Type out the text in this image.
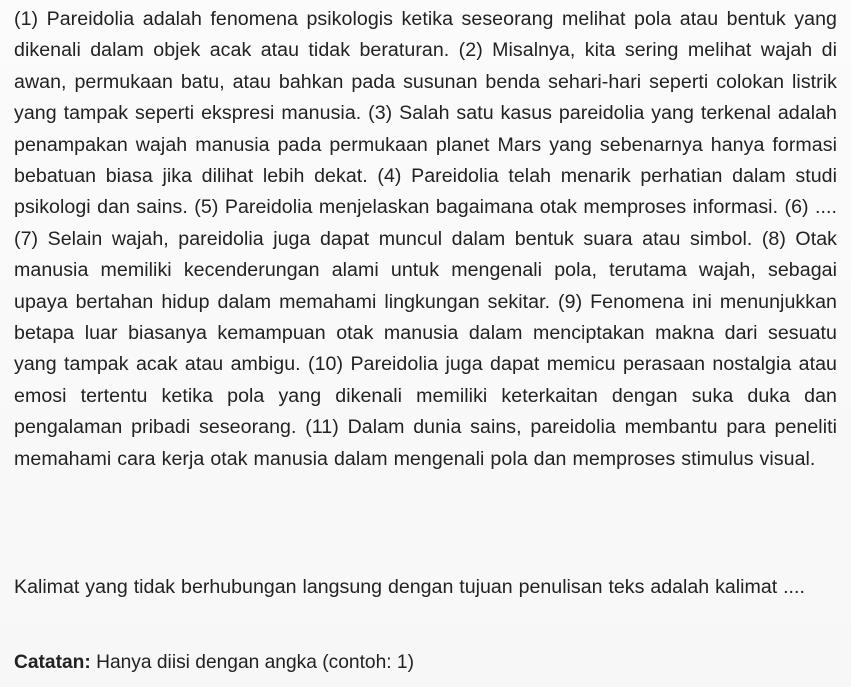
(1) Pareidolia adalah fenomena psikologis ketika seseorang melihat pola atau bentuk yang dikenali dalam objek acak atau tidak beraturan. (2) Misalnya, kita sering melihat wajah di awan, permukaan batu, atau bahkan pada susunan benda sehari-hari seperti colokan listrik yang tampak seperti ekspresi manusia. (3) Salah satu kasus pareidolia yang terkenal adalah penampakan wajah manusia pada permukaan planet Mars yang sebenarnya hanya formasi bebatuan biasa jika dilihat lebih dekat. (4) Pareidolia telah menarik perhatian dalam studi psikologi dan sains. (5) Pareidolia menjelaskan bagaimana otak memproses informasi. (6) .... (7) Selain wajah, pareidolia juga dapat muncul dalam bentuk suara atau simbol. (8) Otak manusia memiliki kecenderungan alami untuk mengenali pola, terutama wajah, sebagai upaya bertahan hidup dalam memahami lingkungan sekitar. (9) Fenomena ini menunjukkan betapa luar biasanya kemampuan otak manusia dalam menciptakan makna dari sesuatu yang tampak acak atau ambigu. (10) Pareidolia juga dapat memicu perasaan nostalgia atau emosi tertentu ketika pola yang dikenali memiliki keterkaitan dengan suka duka dan pengalaman pribadi seseorang. (11) Dalam dunia sains, pareidolia membantu para peneliti memahami cara kerja otak manusia dalam mengenali pola dan memproses stimulus visual.

Kalimat yang tidak berhubungan langsung dengan tujuan penulisan teks adalah kalimat ....

Catatan: Hanya diisi dengan angka (contoh: 1)
